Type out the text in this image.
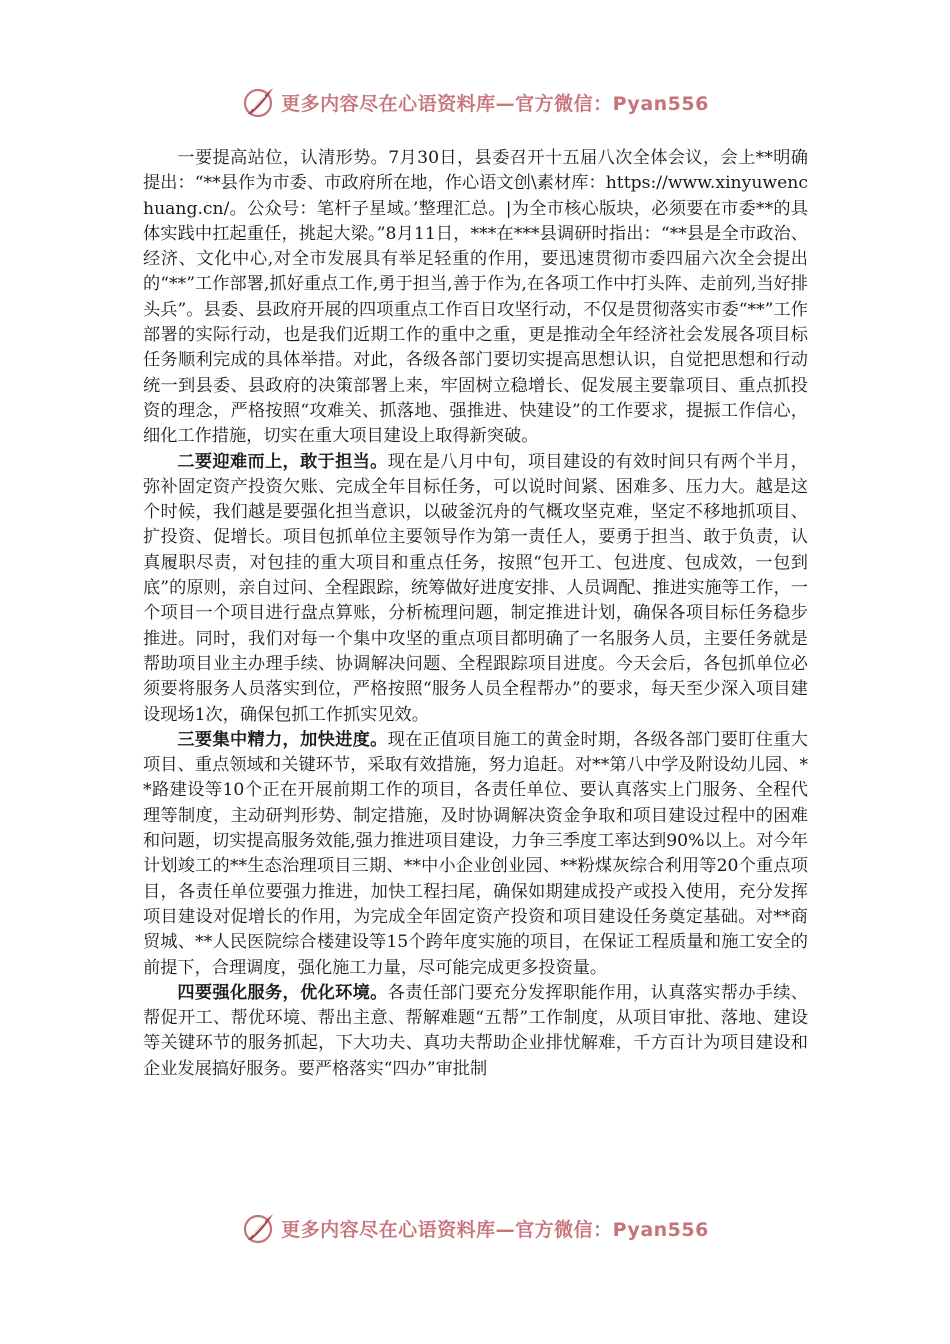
更多内容尽在心语资料库—官方微信：Pyan556

一要提高站位，认清形势。7月30日，县委召开十五届八次全体会议，会上**明确提出：“**县作为市委、市政府所在地，作心语文创\素材库：https://www.xinyuwenchuang.cn/。公众号：笔杆子星域。’整理汇总。|为全市核心版块，必须要在市委**的具体实践中扛起重任，挑起大梁。”8月11日，***在***县调研时指出：“**县是全市政治、经济、文化中心,对全市发展具有举足轻重的作用，要迅速贯彻市委四届六次全会提出的“**”工作部署,抓好重点工作,勇于担当,善于作为,在各项工作中打头阵、走前列,当好排头兵”。县委、县政府开展的四项重点工作百日攻坚行动，不仅是贯彻落实市委“**”工作部署的实际行动，也是我们近期工作的重中之重，更是推动全年经济社会发展各项目标任务顺利完成的具体举措。对此，各级各部门要切实提高思想认识，自觉把思想和行动统一到县委、县政府的决策部署上来，牢固树立稳增长、促发展主要靠项目、重点抓投资的理念，严格按照“攻难关、抓落地、强推进、快建设”的工作要求，提振工作信心，细化工作措施，切实在重大项目建设上取得新突破。

二要迎难而上，敢于担当。现在是八月中旬，项目建设的有效时间只有两个半月，弥补固定资产投资欠账、完成全年目标任务，可以说时间紧、困难多、压力大。越是这个时候，我们越是要强化担当意识，以破釜沉舟的气概攻坚克难，坚定不移地抓项目、扩投资、促增长。项目包抓单位主要领导作为第一责任人，要勇于担当、敢于负责，认真履职尽责，对包挂的重大项目和重点任务，按照“包开工、包进度、包成效，一包到底”的原则，亲自过问、全程跟踪，统筹做好进度安排、人员调配、推进实施等工作，一个项目一个项目进行盘点算账，分析梳理问题，制定推进计划，确保各项目标任务稳步推进。同时，我们对每一个集中攻坚的重点项目都明确了一名服务人员，主要任务就是帮助项目业主办理手续、协调解决问题、全程跟踪项目进度。今天会后，各包抓单位必须要将服务人员落实到位，严格按照“服务人员全程帮办”的要求，每天至少深入项目建设现场1次，确保包抓工作抓实见效。

三要集中精力，加快进度。现在正值项目施工的黄金时期，各级各部门要盯住重大项目、重点领域和关键环节，采取有效措施，努力追赶。对**第八中学及附设幼儿园、**路建设等10个正在开展前期工作的项目，各责任单位、要认真落实上门服务、全程代理等制度，主动研判形势、制定措施，及时协调解决资金争取和项目建设过程中的困难和问题，切实提高服务效能,强力推进项目建设，力争三季度工率达到90%以上。对今年计划竣工的**生态治理项目三期、**中小企业创业园、**粉煤灰综合利用等20个重点项目，各责任单位要强力推进，加快工程扫尾，确保如期建成投产或投入使用，充分发挥项目建设对促增长的作用，为完成全年固定资产投资和项目建设任务奠定基础。对**商贸城、**人民医院综合楼建设等15个跨年度实施的项目，在保证工程质量和施工安全的前提下，合理调度，强化施工力量，尽可能完成更多投资量。

四要强化服务，优化环境。各责任部门要充分发挥职能作用，认真落实帮办手续、帮促开工、帮优环境、帮出主意、帮解难题“五帮”工作制度，从项目审批、落地、建设等关键环节的服务抓起，下大功夫、真功夫帮助企业排忧解难，千方百计为项目建设和企业发展搞好服务。要严格落实“四办”审批制

更多内容尽在心语资料库—官方微信：Pyan556
